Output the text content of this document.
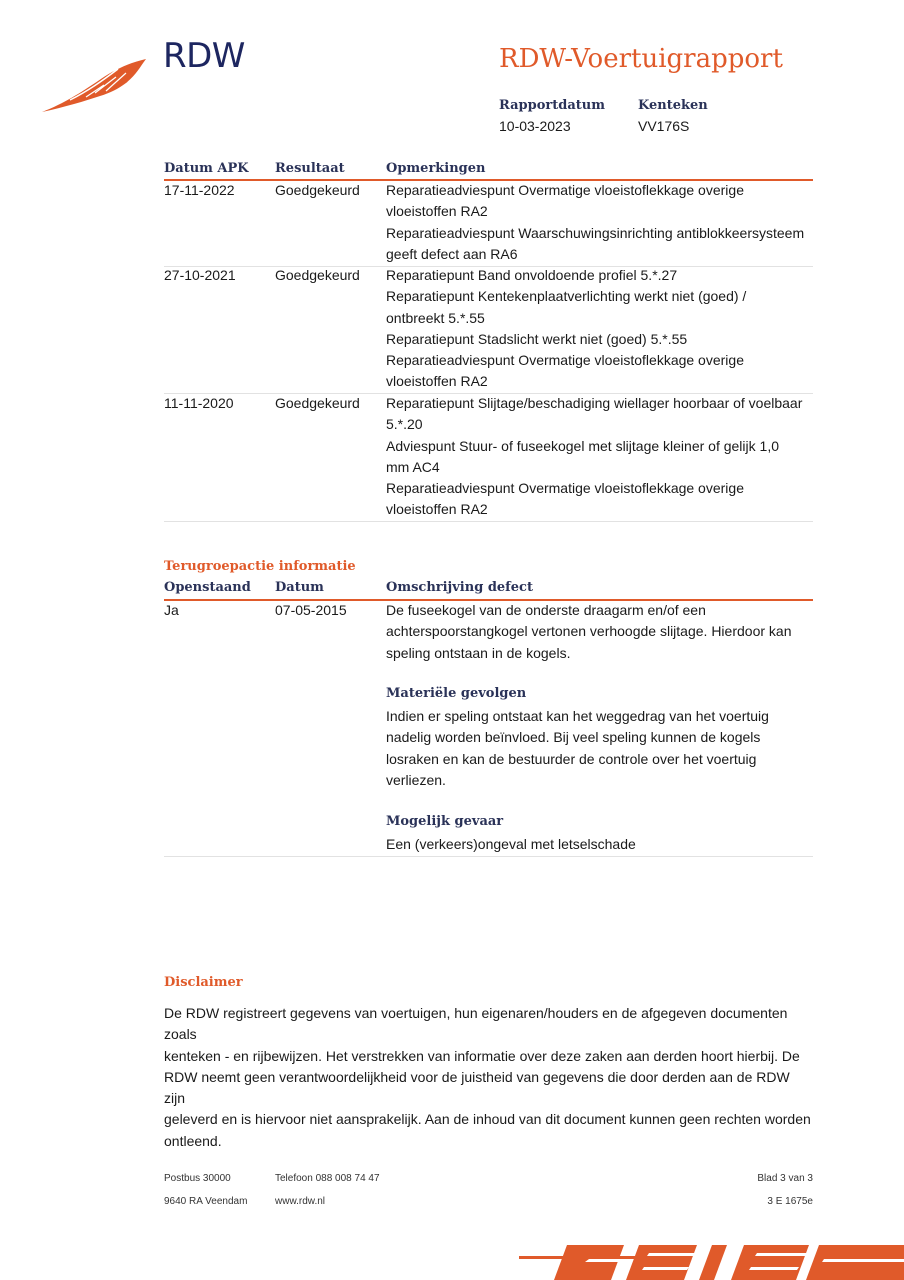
RDW	RDW-Voertuigrapport
Rapportdatum
10-03-2023
Kenteken
VV176S
Datum APK Resultaat	Opmerkingen
17-11-2022	Goedgekeurd Reparatieadviespunt Overmatige vloeistoflekkage overige
vloeistoffen RA2
Reparatieadviespunt Waarschuwingsinrichting antiblokkeersysteem
geeft defect aan RA6
27-10-2021	Goedgekeurd Reparatiepunt Band onvoldoende profiel 5.*.27
Reparatiepunt Kentekenplaatverlichting werkt niet (goed) /
ontbreekt 5.*.55
Reparatiepunt Stadslicht werkt niet (goed) 5.*.55
Reparatieadviespunt Overmatige vloeistoflekkage overige
vloeistoffen RA2
11-11-2020	Goedgekeurd Reparatiepunt Slijtage/beschadiging wiellager hoorbaar of voelbaar
5.*.20
Adviespunt Stuur- of fuseekogel met slijtage kleiner of gelijk 1,0
mm AC4
Reparatieadviespunt Overmatige vloeistoflekkage overige
vloeistoffen RA2
Terugroepactie informatie
Openstaand Datum	Omschrijving defect
Ja	07-05-2015	De fuseekogel van de onderste draagarm en/of een
achterspoorstangkogel vertonen verhoogde slijtage. Hierdoor kan
speling ontstaan in de kogels.
Materiële gevolgen
Indien er speling ontstaat kan het weggedrag van het voertuig
nadelig worden beïnvloed. Bij veel speling kunnen de kogels
losraken en kan de bestuurder de controle over het voertuig
verliezen.
Mogelijk gevaar
Een (verkeers)ongeval met letselschade
Disclaimer
De RDW registreert gegevens van voertuigen, hun eigenaren/houders en de afgegeven documenten zoals
kenteken - en rijbewijzen. Het verstrekken van informatie over deze zaken aan derden hoort hierbij. De
RDW neemt geen verantwoordelijkheid voor de juistheid van gegevens die door derden aan de RDW zijn
geleverd en is hiervoor niet aansprakelijk. Aan de inhoud van dit document kunnen geen rechten worden
ontleend.
Postbus 30000	Telefoon 088 008 74 47	Blad 3 van 3
9640 RA Veendam	www.rdw.nl	3 E 1675e
